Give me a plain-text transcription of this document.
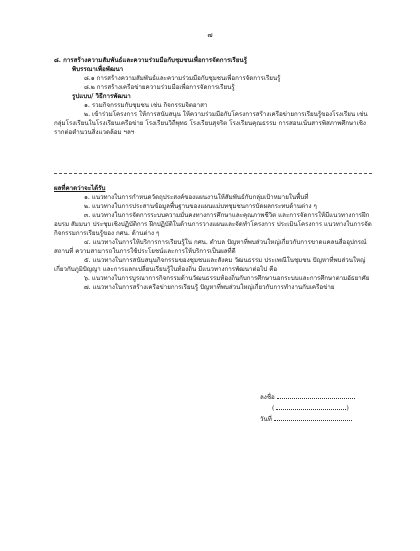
๗
๘. การสร้างความสัมพันธ์และความร่วมมือกับชุมชนเพื่อการจัดการเรียนรู้
พิบรรณาเพื่อพัฒนา
๘.๑ การสร้างความสัมพันธ์และความร่วมมือกับชุมชนเพื่อการจัดการเรียนรู้
๘.๒ การสร้างเครือข่ายความร่วมมือเพื่อการจัดการเรียนรู้
รูปแบบ/ วิธีการพัฒนา
๑. รวมกิจกรรมกับชุมชน เช่น กิจกรรมจิตอาสา
๒. เข้าร่วมโครงการ ให้การสนับสนุน ให้ความร่วมมือกับโครงการสร้างเครือข่ายการเรียนรู้ของโรงเรียน เช่น กลุ่มโรงเรียนในโรงเรียนเครือข่าย โรงเรียนวิถีพุทธ โรงเรียนสุจริต โรงเรียนคุณธรรม การสอนเน้นสารพิสภาพศึกษาเชิงรากต่อตำนวนสิ่งแวดล้อม ฯลฯ
ผลที่คาดว่าจะได้รับ
๑. แนวทางในการกำหนดวัตถุประสงค์ของแผนงานให้สัมพันธ์กับกลุ่มเป้าหมายในพื้นที่
๒. แนวทางในการประสานข้อมูลพื้นฐานของแผนแม่บทชุมชนการบัดผลกระทบด้านต่าง ๆ
๓. แนวทางในการจัดการระบบความมั่นคงทางการศึกษาและคุณภาพชีวิต และการจัดการให้มีแนวทางการฝึกอบรม สัมมนา ประชุมเชิงปฏิบัติการ ฝึกปฏิบัติในด้านการวางแผนและจัดทำโครงการ ประเมินโครงการ แนวทางในการจัดกิจกรรมการเรียนรู้ของ กศน. ด้านต่าง ๆ
๔. แนวทางในการให้บริการการเรียนรู้ใน กศน. ตำบล ปัญหาที่พบส่วนใหญ่เกี่ยวกับการขาดแคลนสื่ออุปกรณ์ สถานที่ ความสามารถในการใช้ประโยชน์และการให้บริการเป็นผลที่ดี
๕. แนวทางในการสนับสนุนกิจกรรมของชุมชนและสังคม วัฒนธรรม ประเพณีในชุมชน ปัญหาที่พบส่วนใหญ่เกี่ยวกับภูมิปัญญา และการแลกเปลี่ยนเรียนรู้ในท้องถิ่น มีแนวทางการพัฒนาต่อไป คือ
๖. แนวทางในการบูรณาการกิจกรรมด้านวัฒนธรรมท้องถิ่นกับการศึกษานอกระบบและการศึกษาตามอัธยาศัย
๗. แนวทางในการสร้างเครือข่ายการเรียนรู้ ปัญหาที่พบส่วนใหญ่เกี่ยวกับการทำงานกับเครือข่าย
ลงชื่อ
(	)
วันที่
